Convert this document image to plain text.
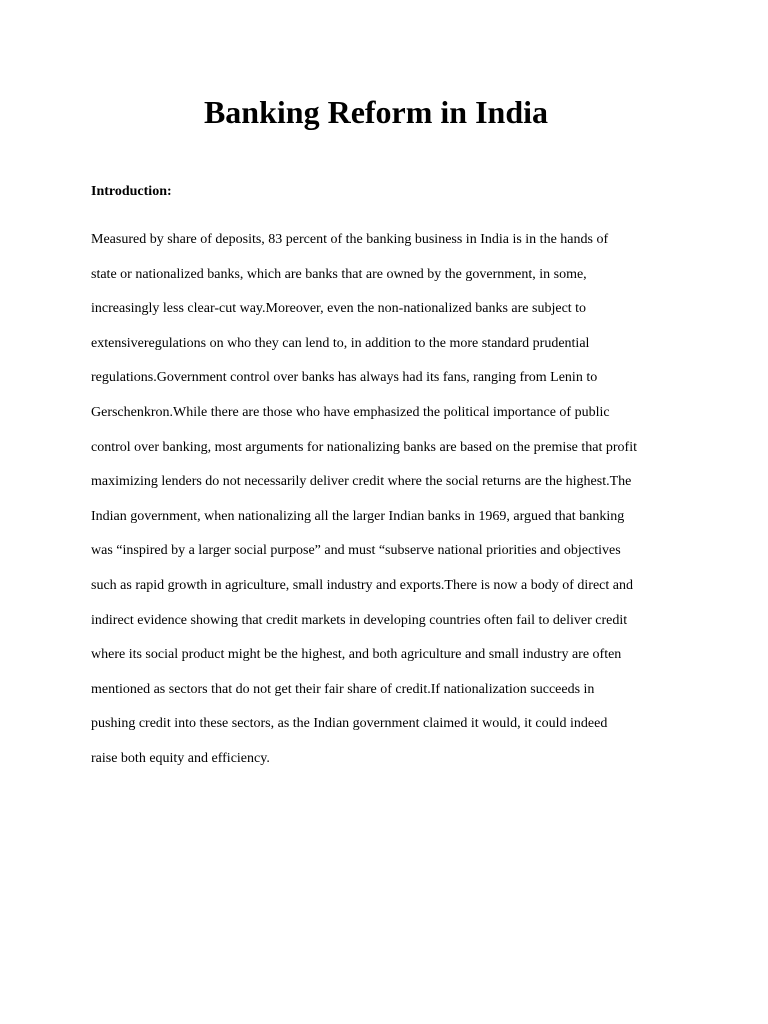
Banking Reform in India
Introduction:
Measured by share of deposits, 83 percent of the banking business in India is in the hands of
state or nationalized banks, which are banks that are owned by the government, in some,
increasingly less clear-cut way.Moreover, even the non-nationalized banks are subject to
extensiveregulations on who they can lend to, in addition to the more standard prudential
regulations.Government control over banks has always had its fans, ranging from Lenin to
Gerschenkron.While there are those who have emphasized the political importance of public
control over banking, most arguments for nationalizing banks are based on the premise that profit
maximizing lenders do not necessarily deliver credit where the social returns are the highest.The
Indian government, when nationalizing all the larger Indian banks in 1969, argued that banking
was “inspired by a larger social purpose” and must “subserve national priorities and objectives
such as rapid growth in agriculture, small industry and exports.There is now a body of direct and
indirect evidence showing that credit markets in developing countries often fail to deliver credit
where its social product might be the highest, and both agriculture and small industry are often
mentioned as sectors that do not get their fair share of credit.If nationalization succeeds in
pushing credit into these sectors, as the Indian government claimed it would, it could indeed
raise both equity and efficiency.
